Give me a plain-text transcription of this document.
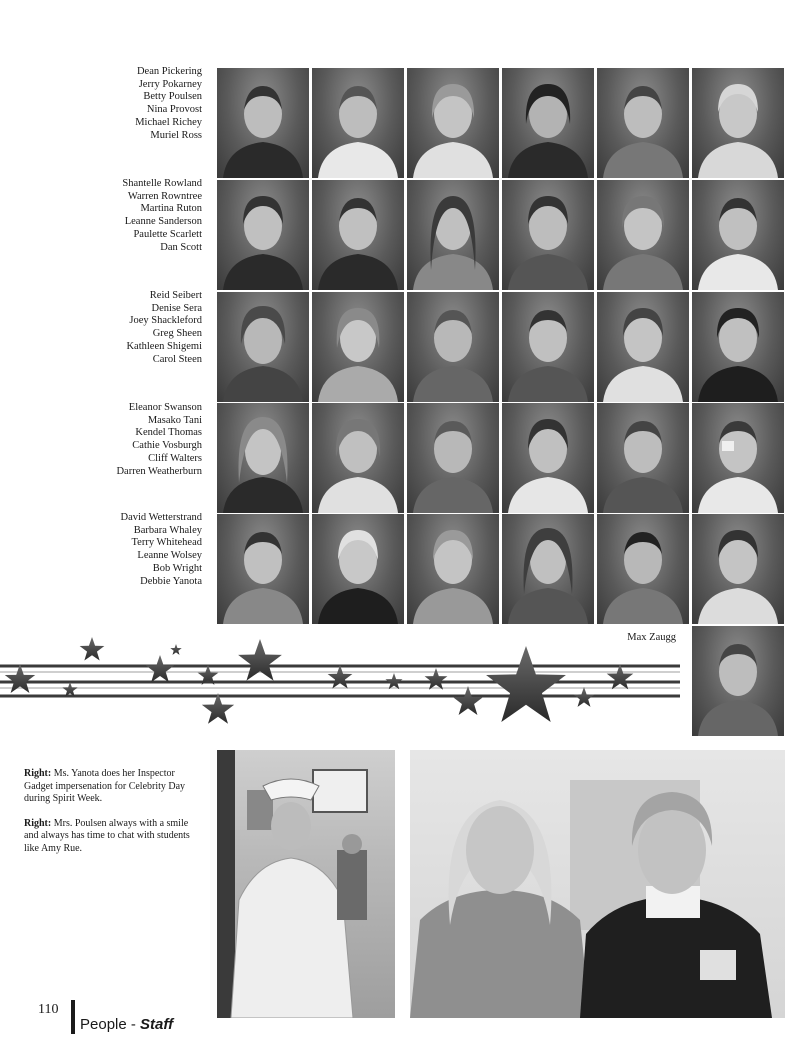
Dean Pickering
Jerry Pokarney
Betty Poulsen
Nina Provost
Michael Richey
Muriel Ross
Shantelle Rowland
Warren Rowntree
Martina Ruton
Leanne Sanderson
Paulette Scarlett
Dan Scott
Reid Seibert
Denise Sera
Joey Shackleford
Greg Sheen
Kathleen Shigemi
Carol Steen
Eleanor Swanson
Masako Tani
Kendel Thomas
Cathie Vosburgh
Cliff Walters
Darren Weatherburn
David Wetterstrand
Barbara Whaley
Terry Whitehead
Leanne Wolsey
Bob Wright
Debbie Yanota
Max Zaugg

Right: Ms. Yanota does her Inspector Gadget impersenation for Celebrity Day during Spirit Week.

Right: Mrs. Poulsen always with a smile and always has time to chat with students like Amy Rue.

110
People - Staff
